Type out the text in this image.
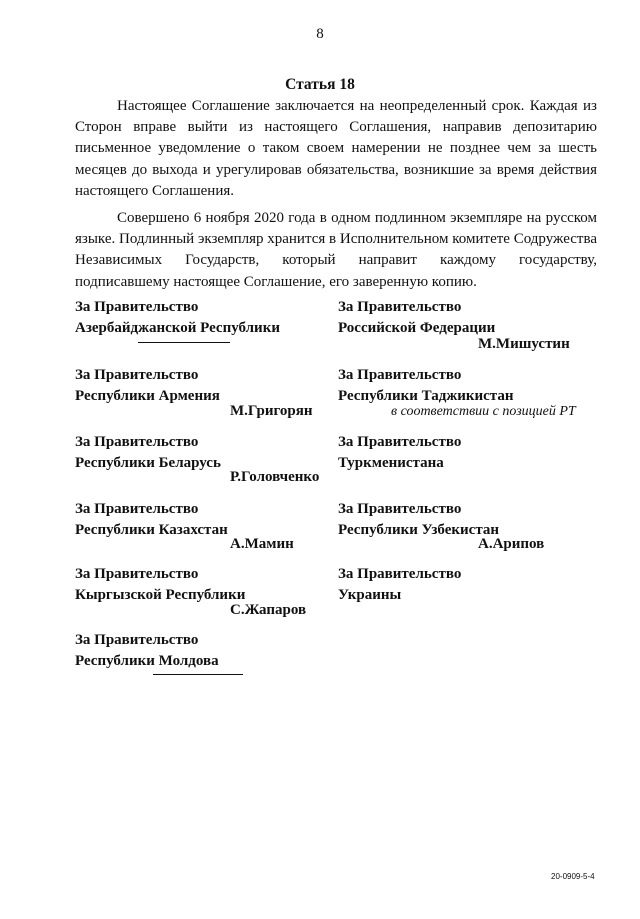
8
Статья 18

Настоящее Соглашение заключается на неопределенный срок. Каждая из Сторон вправе выйти из настоящего Соглашения, направив депозитарию письменное уведомление о таком своем намерении не позднее чем за шесть месяцев до выхода и урегулировав обязательства, возникшие за время действия настоящего Соглашения.

Совершено 6 ноября 2020 года в одном подлинном экземпляре на русском языке. Подлинный экземпляр хранится в Исполнительном комитете Содружества Независимых Государств, который направит каждому государству, подписавшему настоящее Соглашение, его заверенную копию.

За Правительство
Азербайджанской Республики
За Правительство
Республики Армения
М.Григорян
За Правительство
Республики Беларусь
Р.Головченко
За Правительство
Республики Казахстан
А.Мамин
За Правительство
Кыргызской Республики
С.Жапаров
За Правительство
Республики Молдова
За Правительство
Российской Федерации
М.Мишустин
За Правительство
Республики Таджикистан
в соответствии с позицией РТ
За Правительство
Туркменистана
За Правительство
Республики Узбекистан
А.Арипов
За Правительство
Украины
20-0909-5-4
